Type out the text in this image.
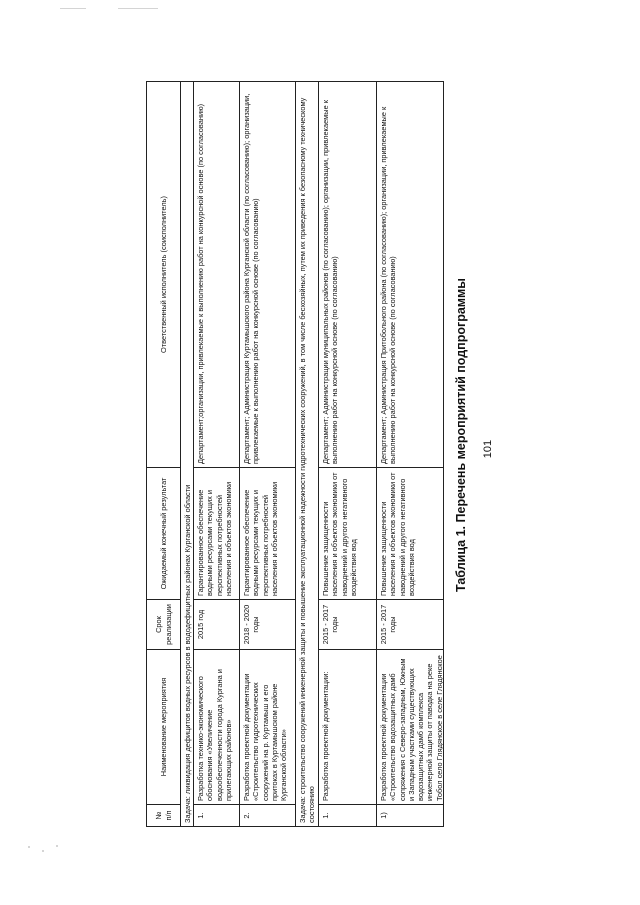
101
Таблица 1. Перечень мероприятий подпрограммы
№ п/п
Наименование мероприятия
Срок реализации
Ожидаемый конечный результат
Ответственный исполнитель (соисполнитель)
Задача: ликвидация дефицитов водных ресурсов в вододефицитных районах Курганской области 1.
Разработка технико-экономического обоснования «Увеличение водообеспеченности города Кургана и прилегающих районов»
2015 год
Гарантированное обеспечение водными ресурсами текущих и перспективных потребностей населения и объектов экономики
Департамент;организации, привлекаемые к выполнению работ на конкурсной основе (по согласованию)
2.
Разработка проектной документации «Строительство гидротехнических сооружений на р. Куртамыш и его притоках в Куртамышском районе Курганской области»
2018 - 2020 годы
Гарантированное обеспечение водными ресурсами текущих и перспективных потребностей населения и объектов экономики
Департамент; Администрация Куртамышского района Курганской области (по согласованию); организации, привлекаемые к выполнению работ на конкурсной основе (по согласованию)	Задача: строительство сооружений инженерной защиты и повышение эксплуатационной надежности гидротехнических сооружений, в том числе бесхозяйных, путем их приведения к безопасному техническому состоянию 1.
Разработка проектной документации:
2015 - 2017 годы
Повышение защищенности населения и объектов экономики от наводнений и другого негативного воздействия вод
Департамент; Администрации муниципальных районов (по согласованию); организации, привлекаемые к выполнению работ на конкурсной основе (по согласованию)
1)
Разработка проектной документации «Строительство водозащитных дамб сопряжения с Северо-западным, Южным и Западным участками существующих водозащитных дамб комплекса инженерной защиты от паводка на реке Тобол село Глядянское в селе Глядянское
2015 - 2017 годы
Повышение защищенности населения и объектов экономики от наводнений и другого негативного воздействия вод
Департамент; Администрация Притобольного района (по согласованию); организации, привлекаемые к выполнению работ на конкурсной основе (по согласованию)
